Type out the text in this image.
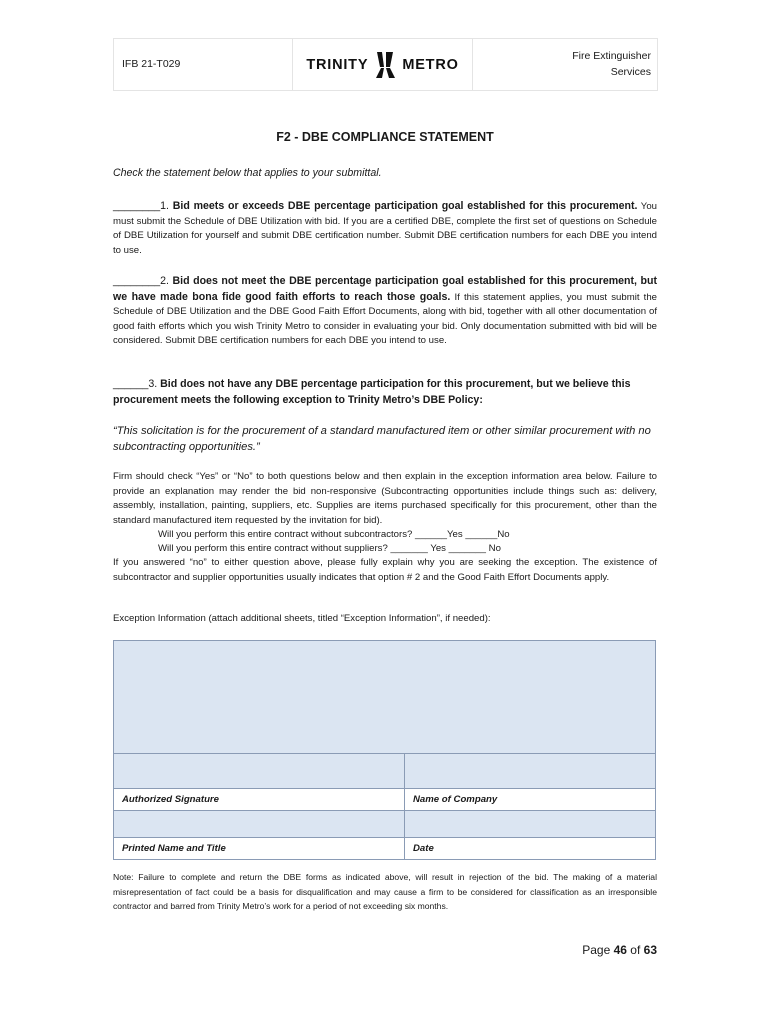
IFB 21-T029	TRINITY METRO
Fire Extinguisher
Services
F2 - DBE COMPLIANCE STATEMENT
Check the statement below that applies to your submittal.
________1. Bid meets or exceeds DBE percentage participation goal established for this procurement. You must submit the Schedule of DBE Utilization with bid. If you are a certified DBE, complete the first set of questions on Schedule of DBE Utilization for yourself and submit DBE certification number. Submit DBE certification numbers for each DBE you intend to use.
________2. Bid does not meet the DBE percentage participation goal established for this procurement, but we have made bona fide good faith efforts to reach those goals. If this statement applies, you must submit the Schedule of DBE Utilization and the DBE Good Faith Effort Documents, along with bid, together with all other documentation of good faith efforts which you wish Trinity Metro to consider in evaluating your bid. Only documentation submitted with bid will be considered. Submit DBE certification numbers for each DBE you intend to use.
______3. Bid does not have any DBE percentage participation for this procurement, but we believe this procurement meets the following exception to Trinity Metro’s DBE Policy:
“This solicitation is for the procurement of a standard manufactured item or other similar procurement with no subcontracting opportunities.”
Firm should check “Yes” or “No” to both questions below and then explain in the exception information area below. Failure to provide an explanation may render the bid non-responsive (Subcontracting opportunities include things such as: delivery, assembly, installation, painting, suppliers, etc. Supplies are items purchased specifically for this procurement, other than the standard manufactured item requested by the invitation for bid).
Will you perform this entire contract without subcontractors? ______Yes ______No
Will you perform this entire contract without suppliers? _______ Yes _______ No
If you answered “no” to either question above, please fully explain why you are seeking the exception. The existence of subcontractor and supplier opportunities usually indicates that option # 2 and the Good Faith Effort Documents apply.
Exception Information (attach additional sheets, titled “Exception Information”, if needed):

Authorized Signature	Name of Company

Printed Name and Title	Date
Note: Failure to complete and return the DBE forms as indicated above, will result in rejection of the bid. The making of a material misrepresentation of fact could be a basis for disqualification and may cause a firm to be considered for classification as an irresponsible contractor and barred from Trinity Metro’s work for a period of not exceeding six months.
Page 46 of 63
